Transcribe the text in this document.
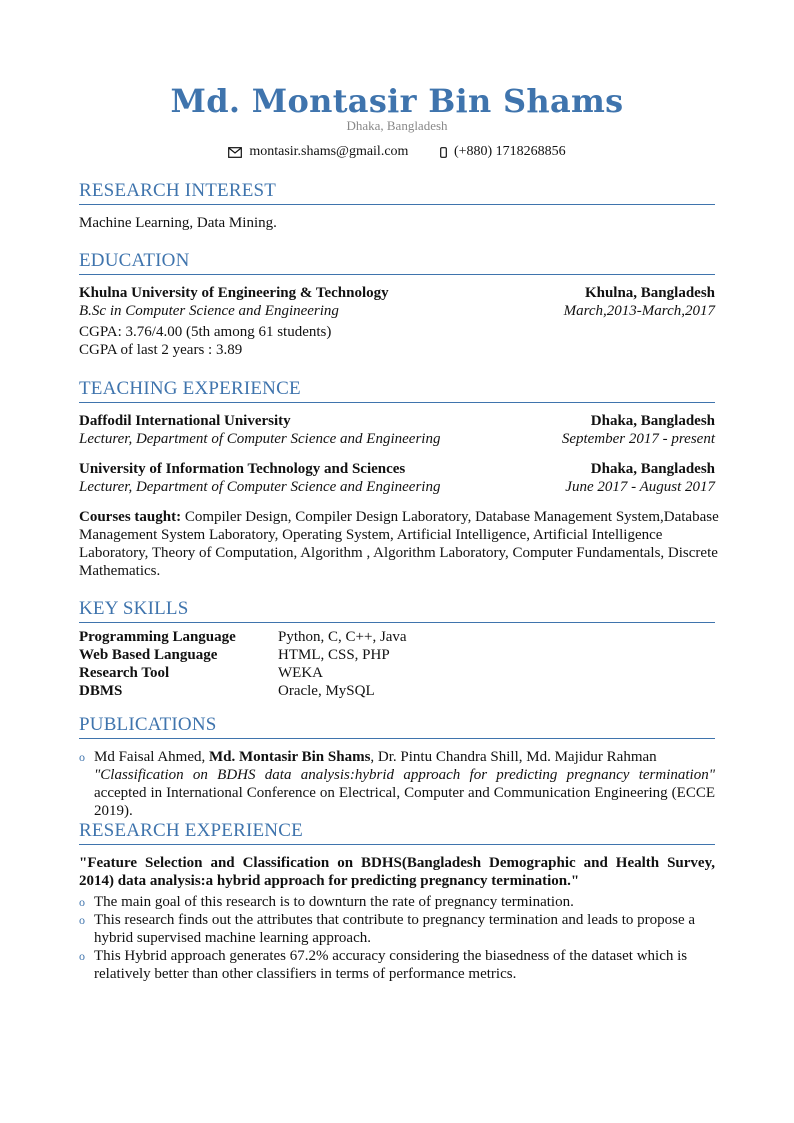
Md. Montasir Bin Shams
Dhaka, Bangladesh
montasir.shams@gmail.com
	(+880) 1718268856
RESEARCH INTEREST
Machine Learning, Data Mining.
EDUCATION
Khulna University of Engineering & Technology	Khulna, Bangladesh
B.Sc in Computer Science and Engineering	March,2013-March,2017
CGPA: 3.76/4.00 (5th among 61 students)
CGPA of last 2 years : 3.89
TEACHING EXPERIENCE
Daffodil International University	Dhaka, Bangladesh
Lecturer, Department of Computer Science and Engineering	September 2017 - present
University of Information Technology and Sciences	Dhaka, Bangladesh
Lecturer, Department of Computer Science and Engineering	June 2017 - August 2017
Courses taught: Compiler Design, Compiler Design Laboratory, Database Management System,Database Management System Laboratory, Operating System, Artificial Intelligence, Artificial Intelligence Laboratory, Theory of Computation, Algorithm , Algorithm Laboratory, Computer Fundamentals, Discrete Mathematics.
KEY SKILLS
Programming Language	Python, C, C++, Java
Web Based Language	HTML, CSS, PHP
Research Tool	WEKA
DBMS	Oracle, MySQL
PUBLICATIONS
o Md Faisal Ahmed, Md. Montasir Bin Shams, Dr. Pintu Chandra Shill, Md. Majidur Rahman
"Classification on BDHS data analysis:hybrid approach for predicting pregnancy termination" accepted in International Conference on Electrical, Computer and Communication Engineering (ECCE 2019).
RESEARCH EXPERIENCE
"Feature Selection and Classification on BDHS(Bangladesh Demographic and Health Survey, 2014) data analysis:a hybrid approach for predicting pregnancy termination."
o The main goal of this research is to downturn the rate of pregnancy termination.
o This research finds out the attributes that contribute to pregnancy termination and leads to propose a hybrid supervised machine learning approach.
o This Hybrid approach generates 67.2% accuracy considering the biasedness of the dataset which is relatively better than other classifiers in terms of performance metrics.
